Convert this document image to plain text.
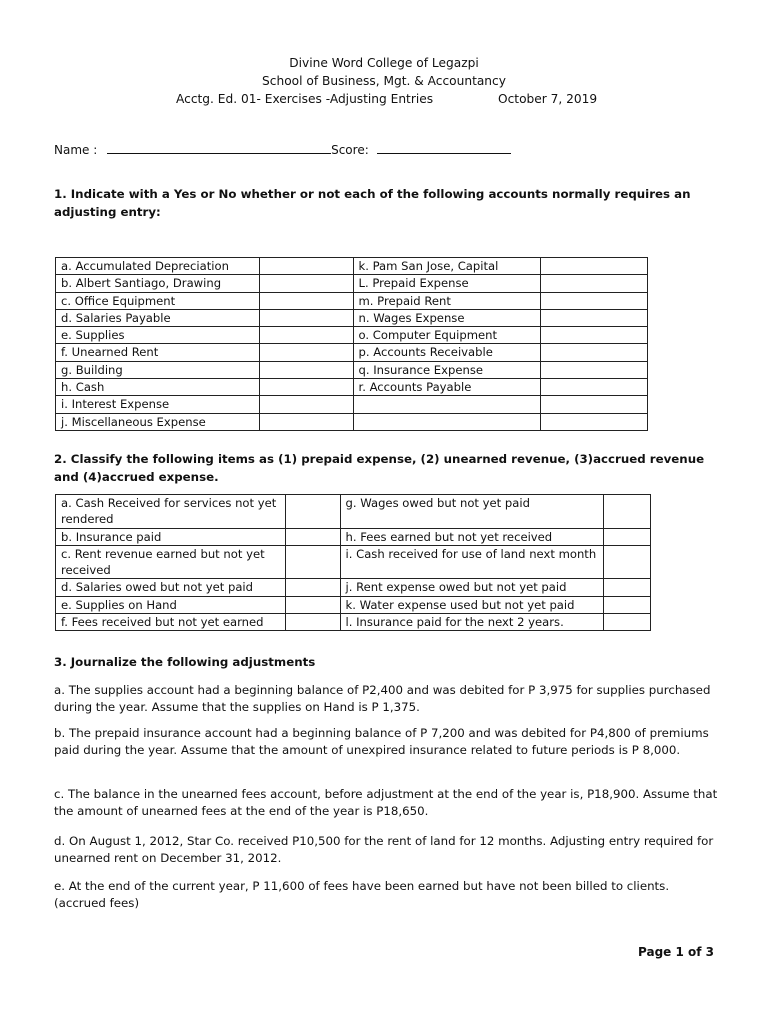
Divine Word College of Legazpi
School of Business, Mgt. & Accountancy
Acctg. Ed. 01- Exercises -Adjusting Entries	October 7, 2019
Name :	Score:
1. Indicate with a Yes or No whether or not each of the following accounts normally requires an adjusting entry:
a. Accumulated Depreciation		k. Pam San Jose, Capital	
b. Albert Santiago, Drawing		L. Prepaid Expense	
c. Office Equipment		m. Prepaid Rent	
d. Salaries Payable		n. Wages Expense	
e. Supplies		o. Computer Equipment	
f. Unearned Rent		p. Accounts Receivable	
g. Building		q. Insurance Expense	
h. Cash		r. Accounts Payable	
i. Interest Expense			
j. Miscellaneous Expense			
2. Classify the following items as (1) prepaid expense, (2) unearned revenue, (3)accrued revenue and (4)accrued expense.
a. Cash Received for services not yet rendered		g. Wages owed but not yet paid	
b. Insurance paid		h. Fees earned but not yet received	
c. Rent revenue earned but not yet received		i. Cash received for use of land next month	
d. Salaries owed but not yet paid		j. Rent expense owed but not yet paid	
e. Supplies on Hand		k. Water expense used but not yet paid	
f. Fees received but not yet earned		l. Insurance paid for the next 2 years.	
3. Journalize the following adjustments
a. The supplies account had a beginning balance of P2,400 and was debited for P 3,975 for supplies purchased during the year. Assume that the supplies on Hand is P 1,375.
b. The prepaid insurance account had a beginning balance of P 7,200 and was debited for P4,800 of premiums paid during the year. Assume that the amount of unexpired insurance related to future periods is P 8,000.
c. The balance in the unearned fees account, before adjustment at the end of the year is, P18,900. Assume that the amount of unearned fees at the end of the year is P18,650.
d. On August 1, 2012, Star Co. received P10,500 for the rent of land for 12 months. Adjusting entry required for unearned rent on December 31, 2012.
e. At the end of the current year, P 11,600 of fees have been earned but have not been billed to clients. (accrued fees)
Page 1 of 3
